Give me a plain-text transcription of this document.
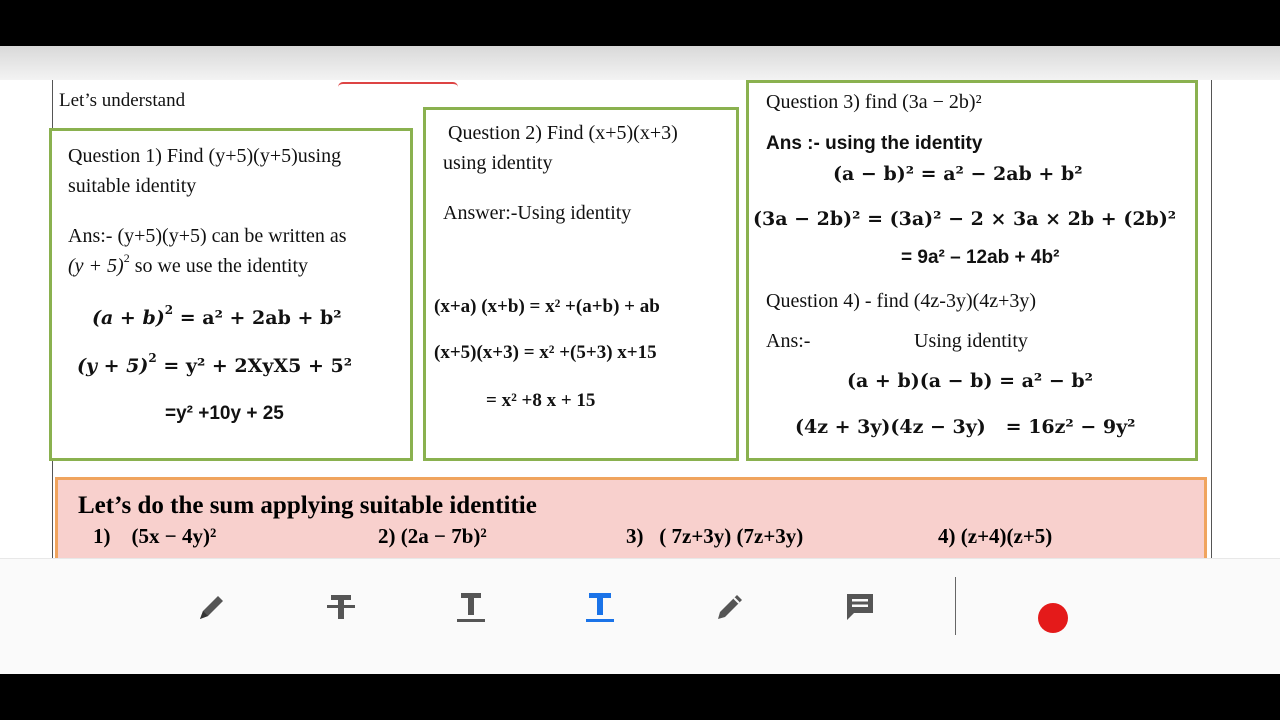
Let’s understand
Question 1) Find (y+5)(y+5)using
suitable identity
Ans:- (y+5)(y+5) can be written as
$(y + 5)^2$ so we use the identity
$(a + b)^2 = a^2 + 2ab + b^2$
$(y + 5)^2 = y^2 + 2XyX5 + 5^2$
=y² +10y + 25
Question 2) Find (x+5)(x+3)
using identity
Answer:-Using identity
(x+a) (x+b) = x² +(a+b) + ab
(x+5)(x+3) = x² +(5+3) x+15
= x² +8 x + 15
Question 3) find (3a − 2b)²
Ans :- using the identity
(a − b)² = a² − 2ab + b²
(3a − 2b)² = (3a)² − 2 × 3a × 2b + (2b)²
= 9a² – 12ab + 4b²
Question 4) - find (4z-3y)(4z+3y)
Ans:-	Using identity
(a + b)(a − b) = a² − b²
(4z + 3y)(4z − 3y) = 16z² − 9y²
Let’s do the sum applying suitable identitie
1) (5x − 4y)²	2) (2a − 7b)²	3) ( 7z+3y) (7z+3y)	4) (z+4)(z+5)
